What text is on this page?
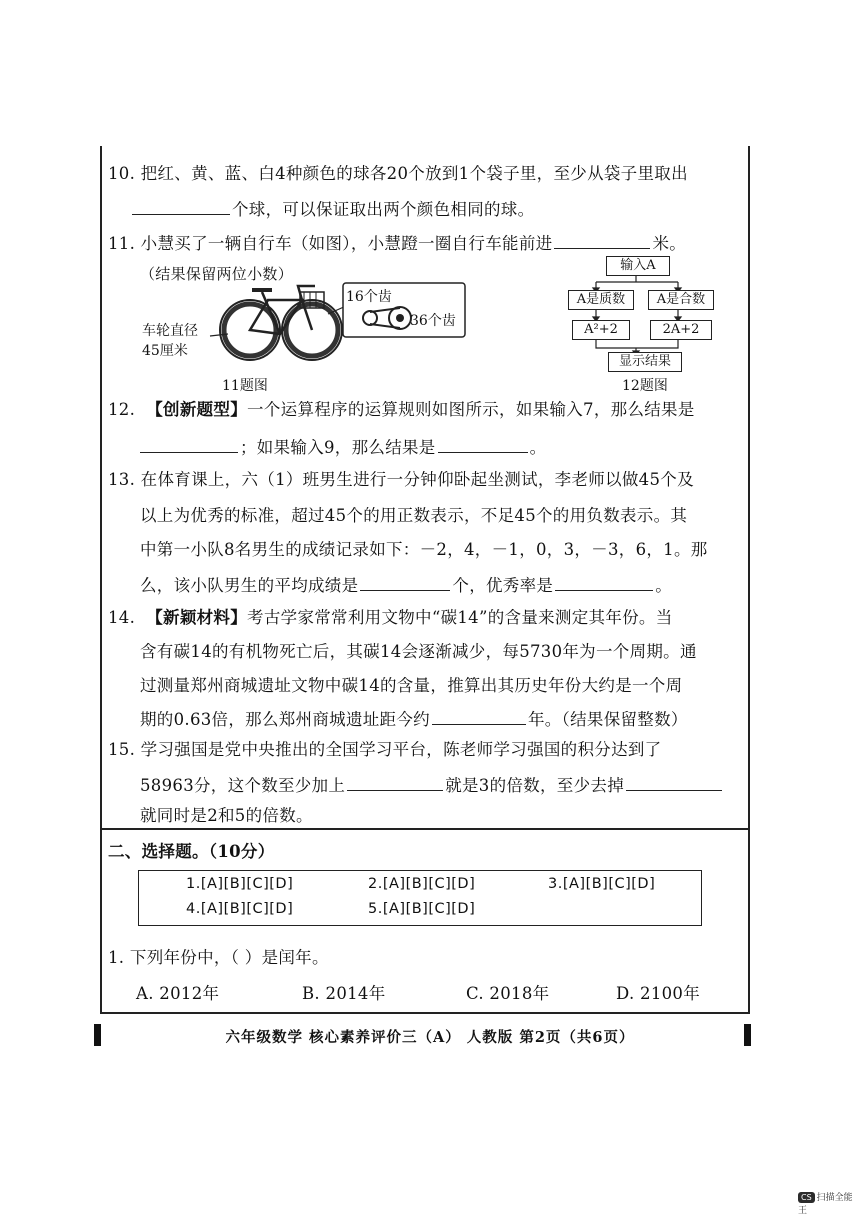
10. 把红、黄、蓝、白4种颜色的球各20个放到1个袋子里，至少从袋子里取出
个球，可以保证取出两个颜色相同的球。
11. 小慧买了一辆自行车（如图），小慧蹬一圈自行车能前进	米。
（结果保留两位小数）
车轮直径
45厘米
16个齿
36个齿
11题图
输入A
A是质数	A是合数
A²+2	2A+2
显示结果
12题图
12. 【创新题型】一个运算程序的运算规则如图所示，如果输入7，那么结果是
；如果输入9，那么结果是	。
13. 在体育课上，六（1）班男生进行一分钟仰卧起坐测试，李老师以做45个及
以上为优秀的标准，超过45个的用正数表示，不足45个的用负数表示。其
中第一小队8名男生的成绩记录如下：－2，4，－1，0，3，－3，6，1。那
么，该小队男生的平均成绩是	个，优秀率是	。
14. 【新颖材料】考古学家常常利用文物中“碳14”的含量来测定其年份。当
含有碳14的有机物死亡后，其碳14会逐渐减少，每5730年为一个周期。通
过测量郑州商城遗址文物中碳14的含量，推算出其历史年份大约是一个周
期的0.63倍，那么郑州商城遗址距今约	年。（结果保留整数）
15. 学习强国是党中央推出的全国学习平台，陈老师学习强国的积分达到了
58963分，这个数至少加上	就是3的倍数，至少去掉
就同时是2和5的倍数。
二、选择题。（10分）
1.[A][B][C][D]	2.[A][B][C][D]	3.[A][B][C][D]
4.[A][B][C][D]	5.[A][B][C][D]
1. 下列年份中，（ ）是闰年。
A. 2012年	B. 2014年	C. 2018年	D. 2100年
六年级数学 核心素养评价三（A） 人教版 第2页（共6页）
CS 扫描全能王
